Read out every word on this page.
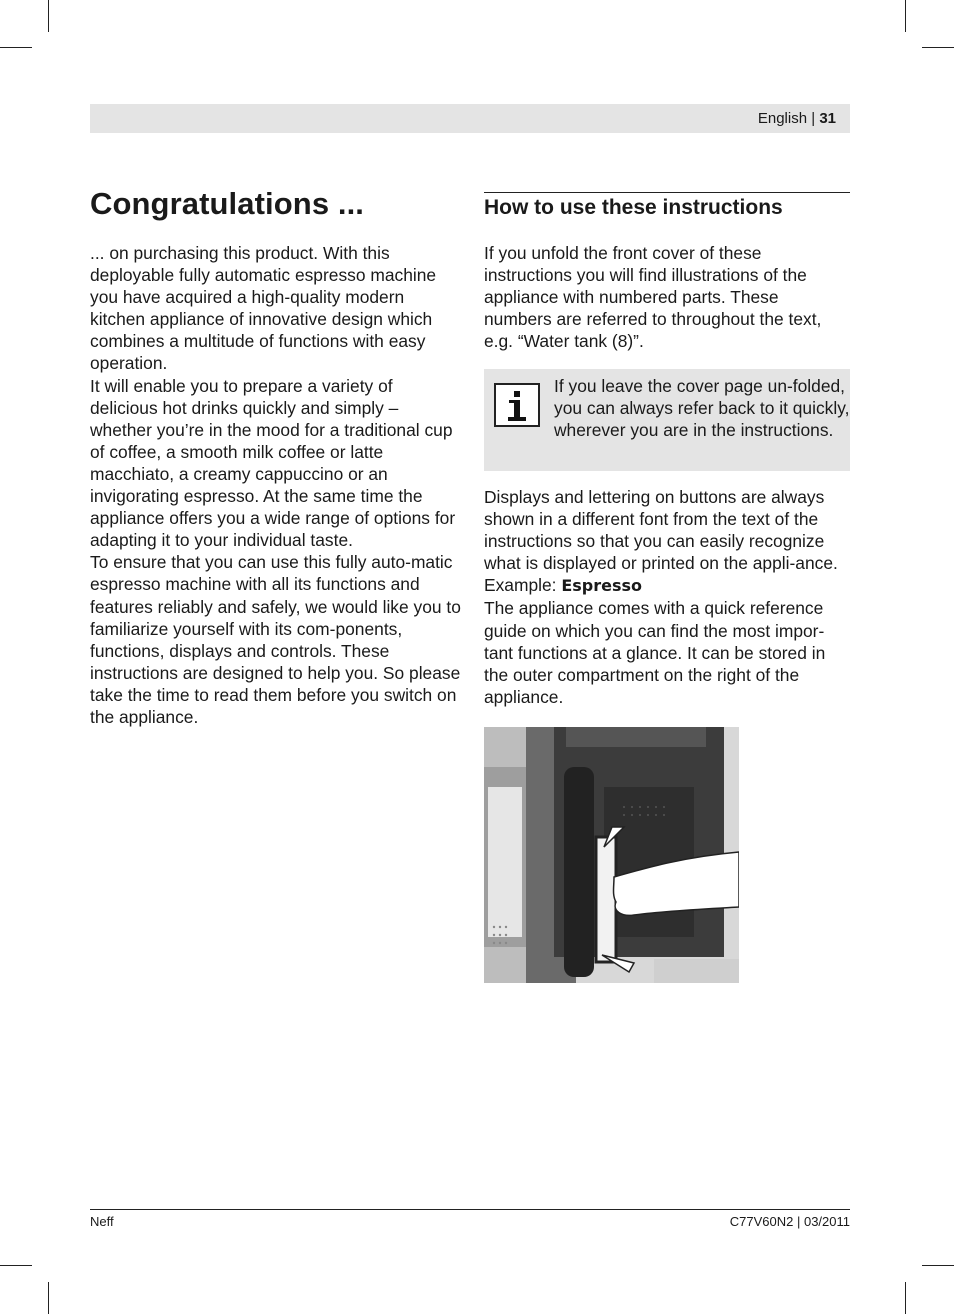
English | 31
Congratulations ...

... on purchasing this product. With this deployable fully automatic espresso machine you have acquired a high-quality modern kitchen appliance of innovative design which combines a multitude of functions with easy operation.

It will enable you to prepare a variety of delicious hot drinks quickly and simply – whether you’re in the mood for a traditional cup of coffee, a smooth milk coffee or latte macchiato, a creamy cappuccino or an invigorating espresso. At the same time the appliance offers you a wide range of options for adapting it to your individual taste.

To ensure that you can use this fully auto-matic espresso machine with all its functions and features reliably and safely, we would like you to familiarize yourself with its com-ponents, functions, displays and controls. These instructions are designed to help you. So please take the time to read them before you switch on the appliance.

How to use these instructions

If you unfold the front cover of these instructions you will find illustrations of the appliance with numbered parts. These numbers are referred to throughout the text, e.g. “Water tank (8)”.

If you leave the cover page un-folded, you can always refer back to it quickly, wherever you are in the instructions.

Displays and lettering on buttons are always shown in a different font from the text of the instructions so that you can easily recognize what is displayed or printed on the appli-ance. Example: Espresso

The appliance comes with a quick reference guide on which you can find the most impor-tant functions at a glance. It can be stored in the outer compartment on the right of the appliance.

Neff	C77V60N2 | 03/2011
